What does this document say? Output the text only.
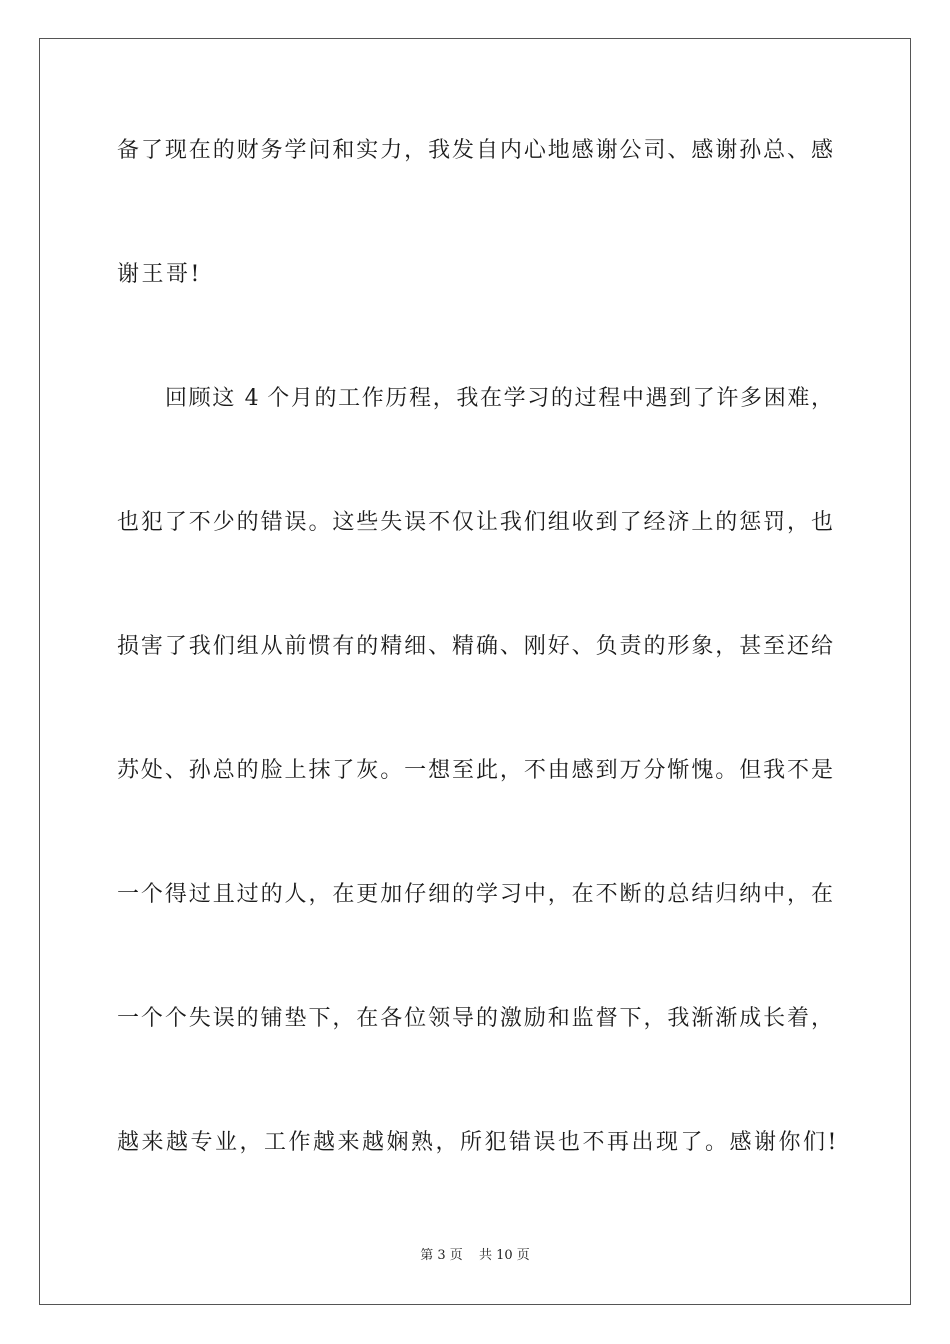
备了现在的财务学问和实力，我发自内心地感谢公司、感谢孙总、感
谢王哥!
回顾这 4 个月的工作历程，我在学习的过程中遇到了许多困难，
也犯了不少的错误。这些失误不仅让我们组收到了经济上的惩罚，也
损害了我们组从前惯有的精细、精确、刚好、负责的形象，甚至还给
苏处、孙总的脸上抹了灰。一想至此，不由感到万分惭愧。但我不是
一个得过且过的人，在更加仔细的学习中，在不断的总结归纳中，在
一个个失误的铺垫下，在各位领导的激励和监督下，我渐渐成长着，
越来越专业，工作越来越娴熟，所犯错误也不再出现了。感谢你们!
第 3 页 共 10 页
